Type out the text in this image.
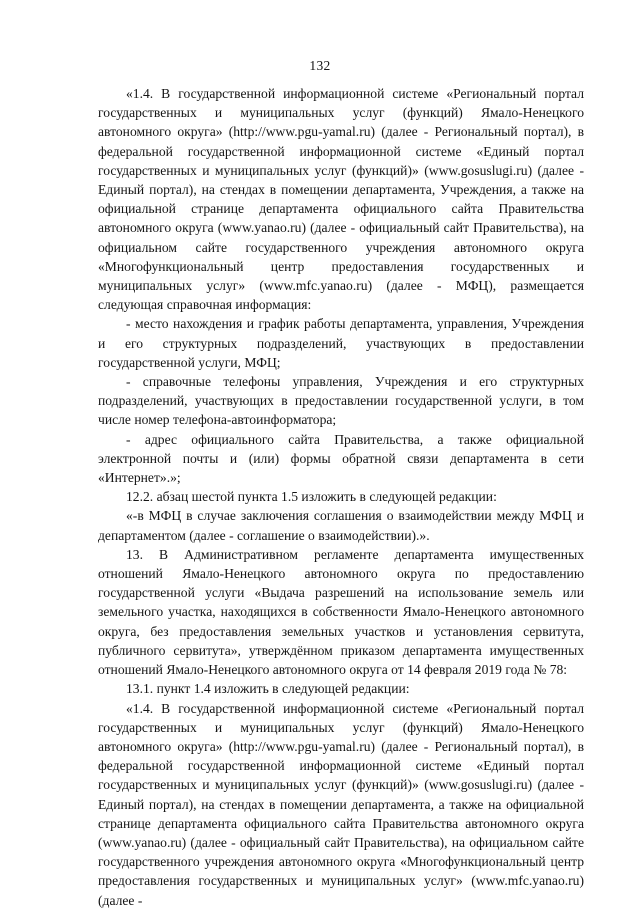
132

«1.4. В государственной информационной системе «Региональный портал государственных и муниципальных услуг (функций) Ямало-Ненецкого автономного округа» (http://www.pgu-yamal.ru) (далее - Региональный портал), в федеральной государственной информационной системе «Единый портал государственных и муниципальных услуг (функций)» (www.gosuslugi.ru) (далее - Единый портал), на стендах в помещении департамента, Учреждения, а также на официальной странице департамента официального сайта Правительства автономного округа (www.yanao.ru) (далее - официальный сайт Правительства), на официальном сайте государственного учреждения автономного округа «Многофункциональный центр предоставления государственных и муниципальных услуг» (www.mfc.yanao.ru) (далее - МФЦ), размещается следующая справочная информация:

- место нахождения и график работы департамента, управления, Учреждения и его структурных подразделений, участвующих в предоставлении государственной услуги, МФЦ;

- справочные телефоны управления, Учреждения и его структурных подразделений, участвующих в предоставлении государственной услуги, в том числе номер телефона-автоинформатора;

- адрес официального сайта Правительства, а также официальной электронной почты и (или) формы обратной связи департамента в сети «Интернет».»;

12.2. абзац шестой пункта 1.5 изложить в следующей редакции:

«-в МФЦ в случае заключения соглашения о взаимодействии между МФЦ и департаментом (далее - соглашение о взаимодействии).».

13. В Административном регламенте департамента имущественных отношений Ямало-Ненецкого автономного округа по предоставлению государственной услуги «Выдача разрешений на использование земель или земельного участка, находящихся в собственности Ямало-Ненецкого автономного округа, без предоставления земельных участков и установления сервитута, публичного сервитута», утверждённом приказом департамента имущественных отношений Ямало-Ненецкого автономного округа от 14 февраля 2019 года № 78:

13.1. пункт 1.4 изложить в следующей редакции:

«1.4. В государственной информационной системе «Региональный портал государственных и муниципальных услуг (функций) Ямало-Ненецкого автономного округа» (http://www.pgu-yamal.ru) (далее - Региональный портал), в федеральной государственной информационной системе «Единый портал государственных и муниципальных услуг (функций)» (www.gosuslugi.ru) (далее - Единый портал), на стендах в помещении департамента, а также на официальной странице департамента официального сайта Правительства автономного округа (www.yanao.ru) (далее - официальный сайт Правительства), на официальном сайте государственного учреждения автономного округа «Многофункциональный центр предоставления государственных и муниципальных услуг» (www.mfc.yanao.ru) (далее -
